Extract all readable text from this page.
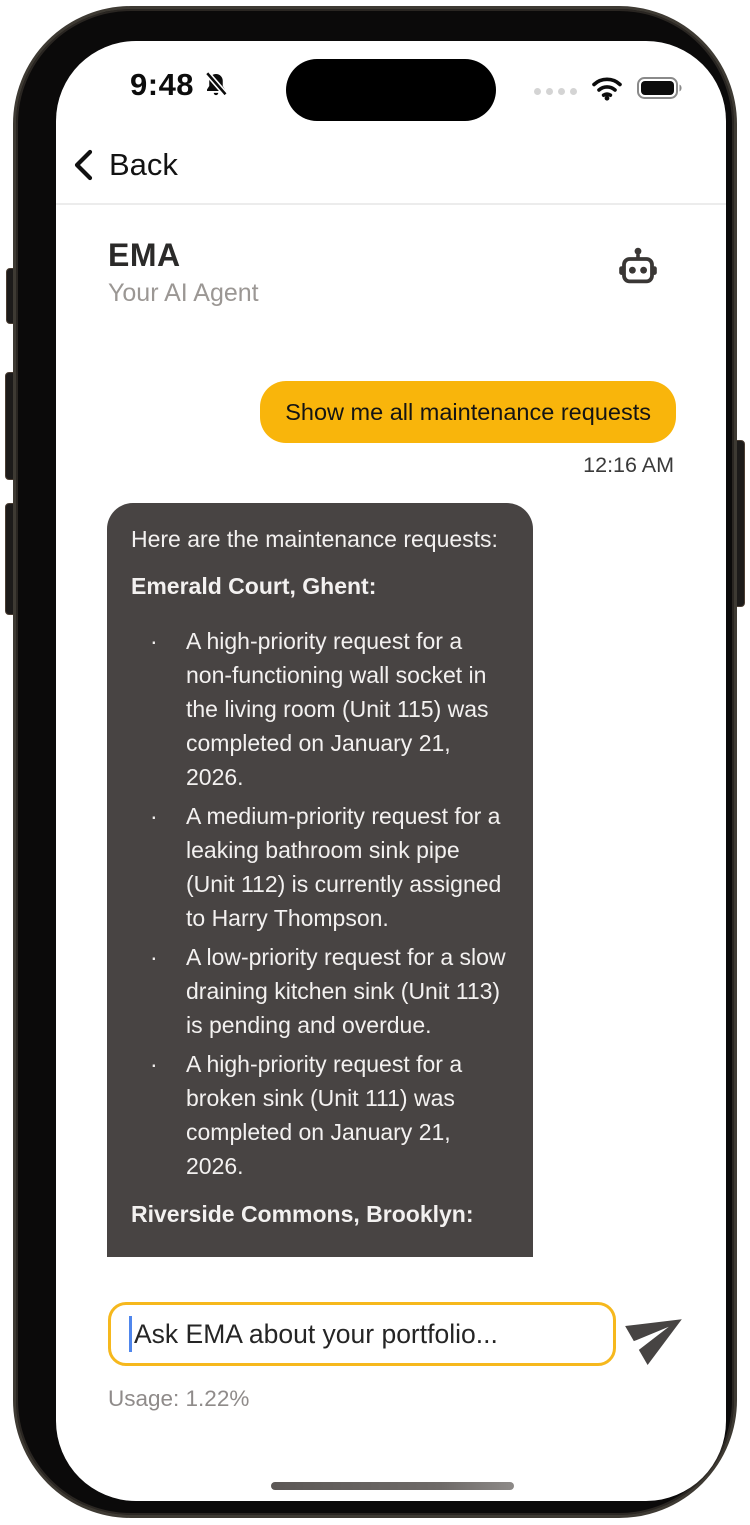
9:48
Back
EMA
Your AI Agent
Show me all maintenance requests
12:16 AM

Here are the maintenance requests:

Emerald Court, Ghent:
· A high-priority request for a non-functioning wall socket in the living room (Unit 115) was completed on January 21, 2026.
· A medium-priority request for a leaking bathroom sink pipe (Unit 112) is currently assigned to Harry Thompson.
· A low-priority request for a slow draining kitchen sink (Unit 113) is pending and overdue.
· A high-priority request for a broken sink (Unit 111) was completed on January 21, 2026.
Riverside Commons, Brooklyn:
Ask EMA about your portfolio...
Usage: 1.22%
